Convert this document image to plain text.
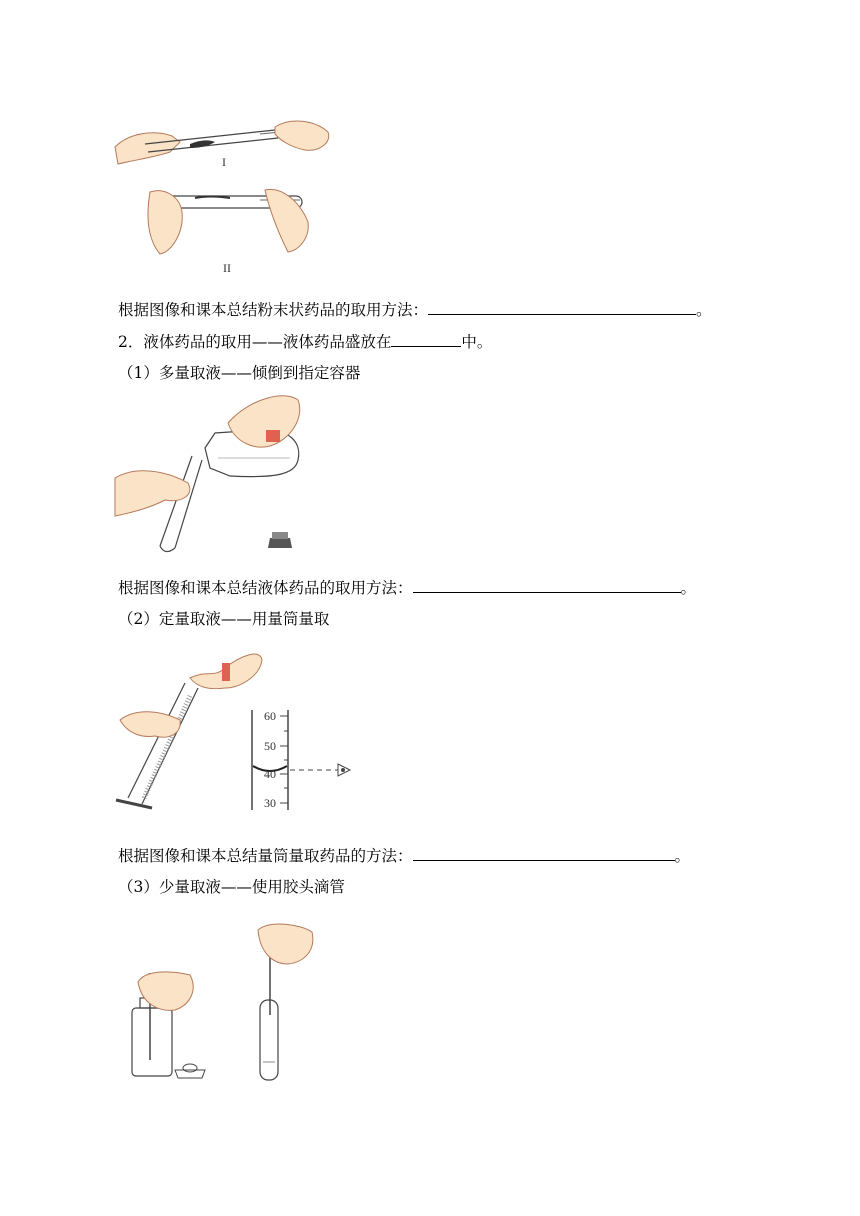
I
II
根据图像和课本总结粉末状药品的取用方法：	。
2．液体药品的取用——液体药品盛放在	中。
（1）多量取液——倾倒到指定容器
根据图像和课本总结液体药品的取用方法：	。
（2）定量取液——用量筒量取
60
50
40
30
根据图像和课本总结量筒量取药品的方法：	。
（3）少量取液——使用胶头滴管
